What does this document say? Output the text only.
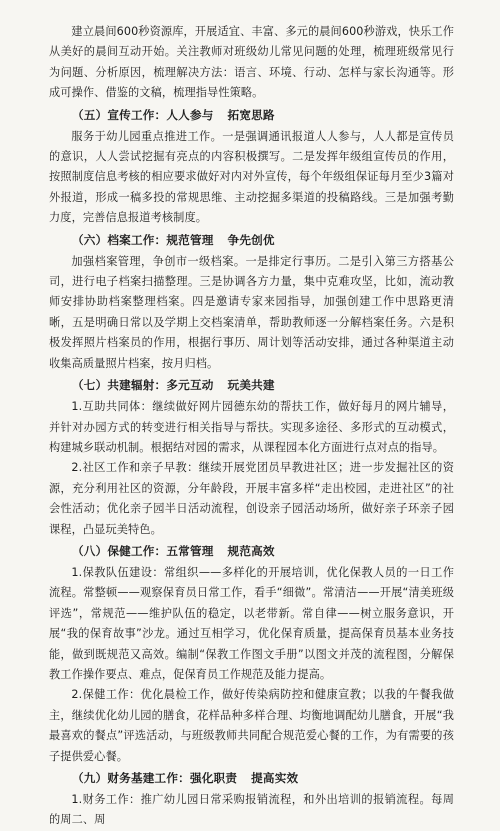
建立晨间600秒资源库，开展适宜、丰富、多元的晨间600秒游戏，快乐工作从美好的晨间互动开始。关注教师对班级幼儿常见问题的处理，梳理班级常见行为问题、分析原因，梳理解决方法：语言、环境、行动、怎样与家长沟通等。形成可操作、借鉴的文稿，梳理指导性策略。

（五）宣传工作：人人参与 拓宽思路

服务于幼儿园重点推进工作。一是强调通讯报道人人参与，人人都是宣传员的意识，人人尝试挖掘有亮点的内容积极撰写。二是发挥年级组宣传员的作用，按照制度信息考核的相应要求做好对内对外宣传，每个年级组保证每月至少3篇对外报道，形成一稿多投的常规思维、主动挖掘多渠道的投稿路线。三是加强考勤力度，完善信息报道考核制度。

（六）档案工作：规范管理 争先创优

加强档案管理，争创市一级档案。一是排定行事历。二是引入第三方搭基公司，进行电子档案扫描整理。三是协调各方力量，集中克难攻坚，比如，流动教师安排协助档案整理档案。四是邀请专家来园指导，加强创建工作中思路更清晰，五是明确日常以及学期上交档案清单，帮助教师逐一分解档案任务。六是积极发挥照片档案员的作用，根据行事历、周计划等活动安排，通过各种渠道主动收集高质量照片档案，按月归档。

（七）共建辐射：多元互动 玩美共建

1.互助共同体：继续做好网片园德东幼的帮扶工作，做好每月的网片辅导，并针对办园方式的转变进行相关指导与帮扶。实现多途径、多形式的互动模式，构建城乡联动机制。根据结对园的需求，从课程园本化方面进行点对点的指导。

2.社区工作和亲子早教：继续开展党团员早教进社区；进一步发掘社区的资源，充分利用社区的资源，分年龄段，开展丰富多样“走出校园，走进社区”的社会性活动；优化亲子园半日活动流程，创设亲子园活动场所，做好亲子环亲子园课程，凸显玩美特色。

（八）保健工作：五常管理 规范高效

1.保教队伍建设：常组织——多样化的开展培训，优化保教人员的一日工作流程。常整顿——观察保育员日常工作，看手“细微”。常清洁——开展“清美班级评选”，常规范——维护队伍的稳定，以老带新。常自律——树立服务意识，开展“我的保育故事”沙龙。通过互相学习，优化保育质量，提高保育员基本业务技能，做到既规范又高效。编制“保教工作图文手册”以图文并茂的流程图，分解保教工作操作要点、难点，促保育员工作规范及能力提高。

2.保健工作：优化晨检工作，做好传染病防控和健康宣教；以我的午餐我做主，继续优化幼儿园的膳食，花样品种多样合理、均衡地调配幼儿膳食，开展“我最喜欢的餐点”评选活动，与班级教师共同配合规范爱心餐的工作，为有需要的孩子提供爱心餐。

（九）财务基建工作：强化职责 提高实效

1.财务工作：推广幼儿园日常采购报销流程，和外出培训的报销流程。每周的周二、周
